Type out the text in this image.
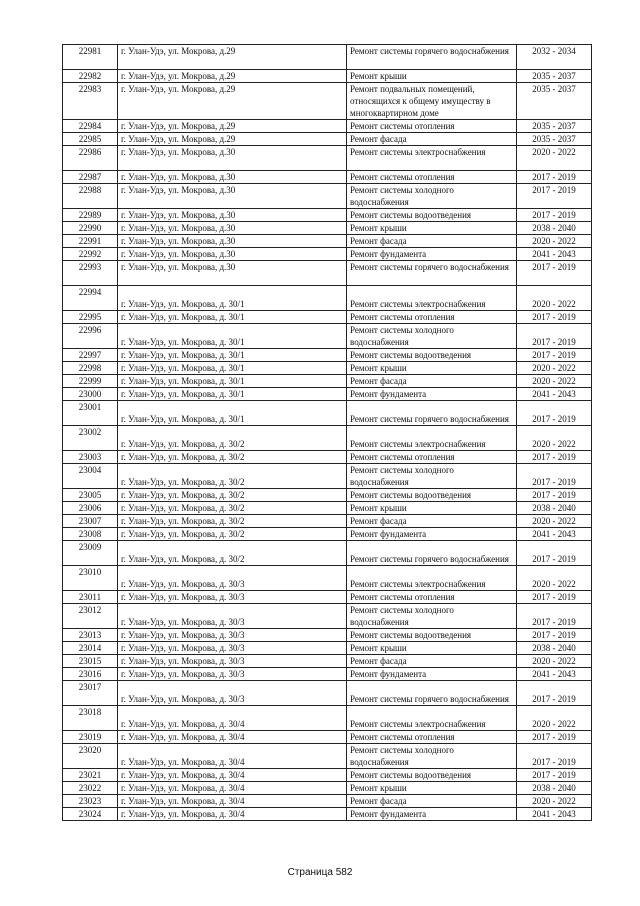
22981	г. Улан-Удэ, ул. Мокрова, д.29	Ремонт системы горячего водоснабжения	2032 - 2034
22982	г. Улан-Удэ, ул. Мокрова, д.29	Ремонт крыши	2035 - 2037
22983	г. Улан-Удэ, ул. Мокрова, д.29	Ремонт подвальных помещений, относящихся к общему имуществу в многоквартирном доме	2035 - 2037
22984	г. Улан-Удэ, ул. Мокрова, д.29	Ремонт системы отопления	2035 - 2037
22985	г. Улан-Удэ, ул. Мокрова, д.29	Ремонт фасада	2035 - 2037
22986	г. Улан-Удэ, ул. Мокрова, д.30	Ремонт системы электроснабжения	2020 - 2022
22987	г. Улан-Удэ, ул. Мокрова, д.30	Ремонт системы отопления	2017 - 2019
22988	г. Улан-Удэ, ул. Мокрова, д.30	Ремонт системы холодного водоснабжения	2017 - 2019
22989	г. Улан-Удэ, ул. Мокрова, д.30	Ремонт системы водоотведения	2017 - 2019
22990	г. Улан-Удэ, ул. Мокрова, д.30	Ремонт крыши	2038 - 2040
22991	г. Улан-Удэ, ул. Мокрова, д.30	Ремонт фасада	2020 - 2022
22992	г. Улан-Удэ, ул. Мокрова, д.30	Ремонт фундамента	2041 - 2043
22993	г. Улан-Удэ, ул. Мокрова, д.30	Ремонт системы горячего водоснабжения	2017 - 2019
22994	г. Улан-Удэ, ул. Мокрова, д. 30/1	Ремонт системы электроснабжения	2020 - 2022
22995	г. Улан-Удэ, ул. Мокрова, д. 30/1	Ремонт системы отопления	2017 - 2019
22996	г. Улан-Удэ, ул. Мокрова, д. 30/1	Ремонт системы холодного водоснабжения	2017 - 2019
22997	г. Улан-Удэ, ул. Мокрова, д. 30/1	Ремонт системы водоотведения	2017 - 2019
22998	г. Улан-Удэ, ул. Мокрова, д. 30/1	Ремонт крыши	2020 - 2022
22999	г. Улан-Удэ, ул. Мокрова, д. 30/1	Ремонт фасада	2020 - 2022
23000	г. Улан-Удэ, ул. Мокрова, д. 30/1	Ремонт фундамента	2041 - 2043
23001	г. Улан-Удэ, ул. Мокрова, д. 30/1	Ремонт системы горячего водоснабжения	2017 - 2019
23002	г. Улан-Удэ, ул. Мокрова, д. 30/2	Ремонт системы электроснабжения	2020 - 2022
23003	г. Улан-Удэ, ул. Мокрова, д. 30/2	Ремонт системы отопления	2017 - 2019
23004	г. Улан-Удэ, ул. Мокрова, д. 30/2	Ремонт системы холодного водоснабжения	2017 - 2019
23005	г. Улан-Удэ, ул. Мокрова, д. 30/2	Ремонт системы водоотведения	2017 - 2019
23006	г. Улан-Удэ, ул. Мокрова, д. 30/2	Ремонт крыши	2038 - 2040
23007	г. Улан-Удэ, ул. Мокрова, д. 30/2	Ремонт фасада	2020 - 2022
23008	г. Улан-Удэ, ул. Мокрова, д. 30/2	Ремонт фундамента	2041 - 2043
23009	г. Улан-Удэ, ул. Мокрова, д. 30/2	Ремонт системы горячего водоснабжения	2017 - 2019
23010	г. Улан-Удэ, ул. Мокрова, д. 30/3	Ремонт системы электроснабжения	2020 - 2022
23011	г. Улан-Удэ, ул. Мокрова, д. 30/3	Ремонт системы отопления	2017 - 2019
23012	г. Улан-Удэ, ул. Мокрова, д. 30/3	Ремонт системы холодного водоснабжения	2017 - 2019
23013	г. Улан-Удэ, ул. Мокрова, д. 30/3	Ремонт системы водоотведения	2017 - 2019
23014	г. Улан-Удэ, ул. Мокрова, д. 30/3	Ремонт крыши	2038 - 2040
23015	г. Улан-Удэ, ул. Мокрова, д. 30/3	Ремонт фасада	2020 - 2022
23016	г. Улан-Удэ, ул. Мокрова, д. 30/3	Ремонт фундамента	2041 - 2043
23017	г. Улан-Удэ, ул. Мокрова, д. 30/3	Ремонт системы горячего водоснабжения	2017 - 2019
23018	г. Улан-Удэ, ул. Мокрова, д. 30/4	Ремонт системы электроснабжения	2020 - 2022
23019	г. Улан-Удэ, ул. Мокрова, д. 30/4	Ремонт системы отопления	2017 - 2019
23020	г. Улан-Удэ, ул. Мокрова, д. 30/4	Ремонт системы холодного водоснабжения	2017 - 2019
23021	г. Улан-Удэ, ул. Мокрова, д. 30/4	Ремонт системы водоотведения	2017 - 2019
23022	г. Улан-Удэ, ул. Мокрова, д. 30/4	Ремонт крыши	2038 - 2040
23023	г. Улан-Удэ, ул. Мокрова, д. 30/4	Ремонт фасада	2020 - 2022
23024	г. Улан-Удэ, ул. Мокрова, д. 30/4	Ремонт фундамента	2041 - 2043
Страница 582
